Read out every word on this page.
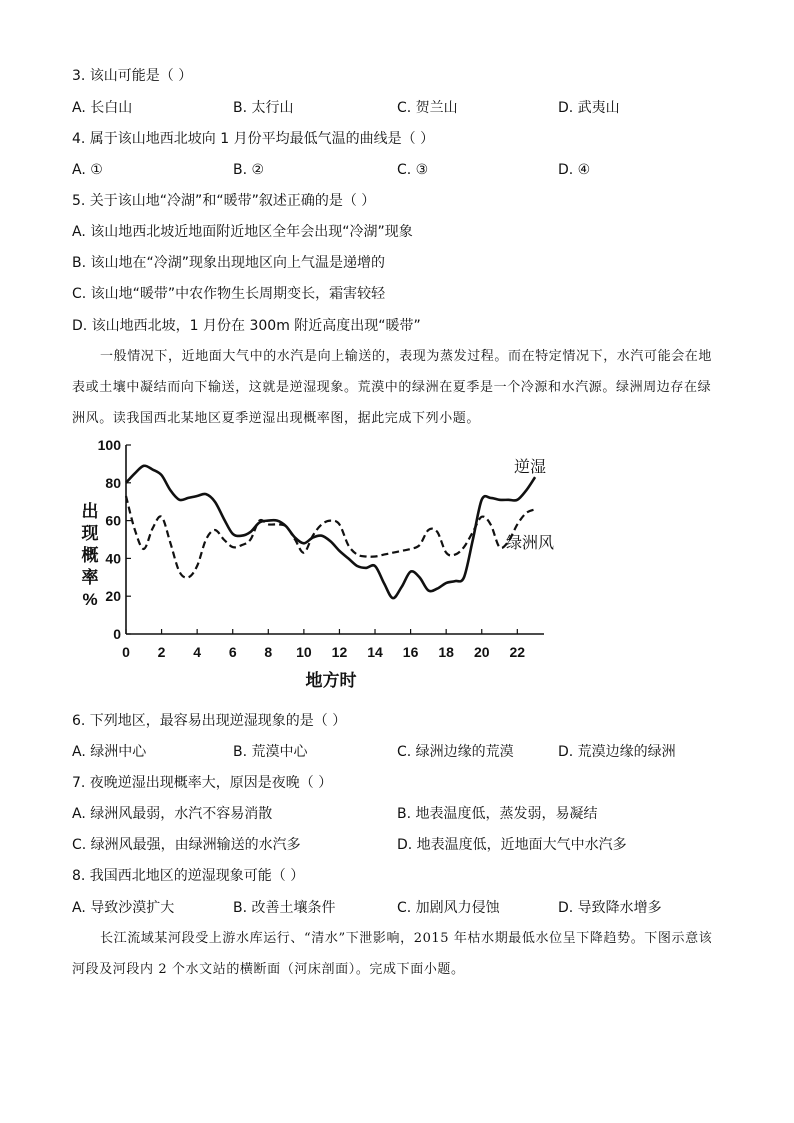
3. 该山可能是（ ）
A. 长白山	B. 太行山	C. 贺兰山	D. 武夷山
4. 属于该山地西北坡向 1 月份平均最低气温的曲线是（ ）
A. ①	B. ②	C. ③	D. ④
5. 关于该山地“冷湖”和“暖带”叙述正确的是（ ）
A. 该山地西北坡近地面附近地区全年会出现“冷湖”现象
B. 该山地在“冷湖”现象出现地区向上气温是递增的
C. 该山地“暖带”中农作物生长周期变长，霜害较轻
D. 该山地西北坡，1 月份在 300m 附近高度出现“暖带”

一般情况下，近地面大气中的水汽是向上输送的，表现为蒸发过程。而在特定情况下，水汽可能会在地表或土壤中凝结而向下输送，这就是逆湿现象。荒漠中的绿洲在夏季是一个冷源和水汽源。绿洲周边存在绿洲风。读我国西北某地区夏季逆湿出现概率图，据此完成下列小题。

0
20
40
60
80
100
0 2 4 6 8 10 12 14 16 18 20 22
逆湿
绿洲风
出现概率%
地方时
6. 下列地区，最容易出现逆湿现象的是（ ）
A. 绿洲中心	B. 荒漠中心	C. 绿洲边缘的荒漠	D. 荒漠边缘的绿洲
7. 夜晚逆湿出现概率大，原因是夜晚（ ）
A. 绿洲风最弱，水汽不容易消散	B. 地表温度低，蒸发弱，易凝结
C. 绿洲风最强，由绿洲输送的水汽多	D. 地表温度低，近地面大气中水汽多
8. 我国西北地区的逆湿现象可能（ ）
A. 导致沙漠扩大	B. 改善土壤条件	C. 加剧风力侵蚀	D. 导致降水增多

长江流域某河段受上游水库运行、“清水”下泄影响，2015 年枯水期最低水位呈下降趋势。下图示意该河段及河段内 2 个水文站的横断面（河床剖面）。完成下面小题。
